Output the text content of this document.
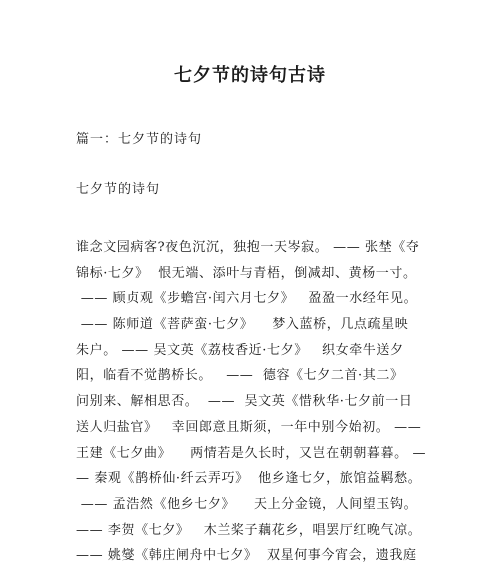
七夕节的诗句古诗

篇一：七夕节的诗句

七夕节的诗句

谁念文园病客?夜色沉沉，独抱一天岑寂。 —— 张埜《夺
锦标·七夕》  恨无端、添叶与青梧，倒减却、黄杨一寸。
—— 顾贞观《步蟾宫·闰六月七夕》   盈盈一水经年见。
—— 陈师道《菩萨蛮·七夕》    梦入蓝桥，几点疏星映
朱户。 —— 吴文英《荔枝香近·七夕》   织女牵牛送夕
阳，临看不觉鹊桥长。   ——  德容《七夕二首·其二》
问别来、解相思否。  ——  吴文英《惜秋华·七夕前一日
送人归盐官》   幸回郎意且斯须，一年中别今始初。 ——
王建《七夕曲》    两情若是久长时，又岂在朝朝暮暮。 —
— 秦观《鹊桥仙·纤云弄巧》  他乡逢七夕，旅馆益羁愁。
—— 孟浩然《他乡七夕》    天上分金镜，人间望玉钩。
—— 李贺《七夕》   木兰桨子藕花乡，唱罢厅红晚气凉。
—— 姚燮《韩庄闸舟中七夕》  双星何事今宵会，遗我庭
